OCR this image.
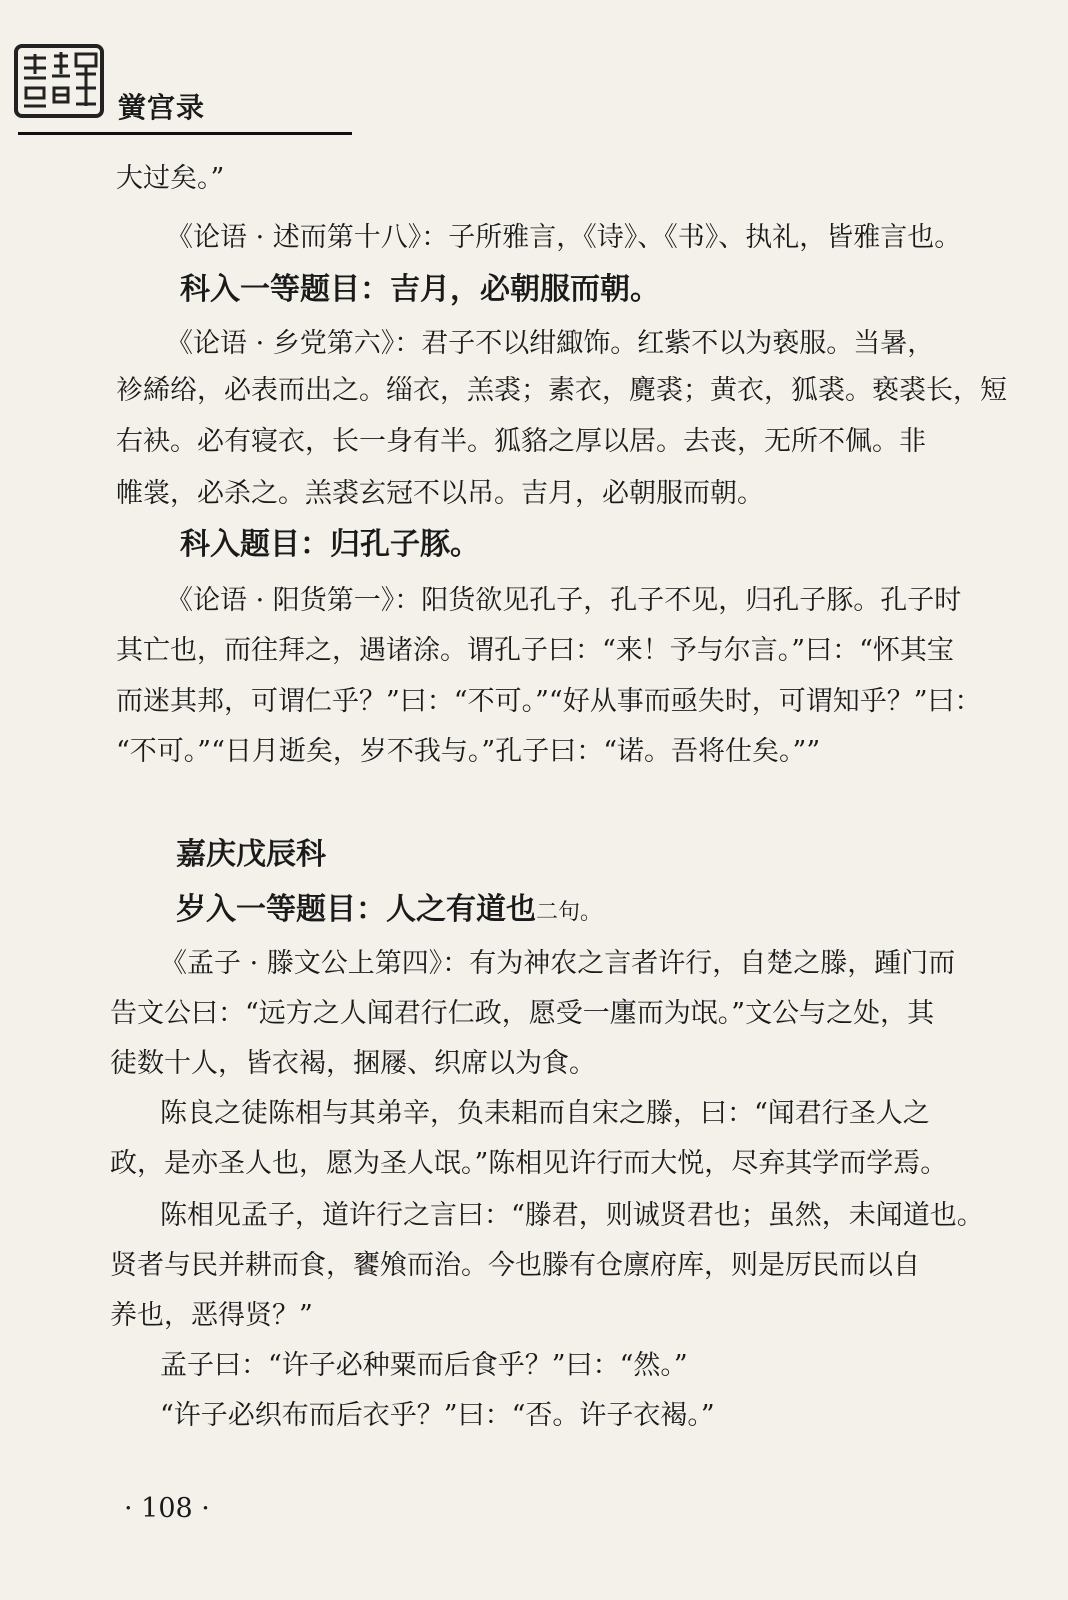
黉宫录
大过矣。”
《论语 · 述而第十八》：子所雅言，《诗》、《书》、执礼，皆雅言也。
科入一等题目：吉月，必朝服而朝。
《论语 · 乡党第六》：君子不以绀緅饰。红紫不以为亵服。当暑，
袗絺绤，必表而出之。缁衣，羔裘；素衣，麑裘；黄衣，狐裘。亵裘长，短
右袂。必有寝衣，长一身有半。狐貉之厚以居。去丧，无所不佩。非
帷裳，必杀之。羔裘玄冠不以吊。吉月，必朝服而朝。
科入题目：归孔子豚。
《论语 · 阳货第一》：阳货欲见孔子，孔子不见，归孔子豚。孔子时
其亡也，而往拜之，遇诸涂。谓孔子曰：“来！予与尔言。”曰：“怀其宝
而迷其邦，可谓仁乎？”曰：“不可。”“好从事而亟失时，可谓知乎？”曰：
“不可。”“日月逝矣，岁不我与。”孔子曰：“诺。吾将仕矣。””
嘉庆戊辰科
岁入一等题目：人之有道也二句。
《孟子 · 滕文公上第四》：有为神农之言者许行，自楚之滕，踵门而
告文公曰：“远方之人闻君行仁政，愿受一廛而为氓。”文公与之处，其
徒数十人，皆衣褐，捆屦、织席以为食。
陈良之徒陈相与其弟辛，负耒耜而自宋之滕，曰：“闻君行圣人之
政，是亦圣人也，愿为圣人氓。”陈相见许行而大悦，尽弃其学而学焉。
陈相见孟子，道许行之言曰：“滕君，则诚贤君也；虽然，未闻道也。
贤者与民并耕而食，饔飧而治。今也滕有仓廪府库，则是厉民而以自
养也，恶得贤？”
孟子曰：“许子必种粟而后食乎？”曰：“然。”
“许子必织布而后衣乎？”曰：“否。许子衣褐。”
· 108 ·
